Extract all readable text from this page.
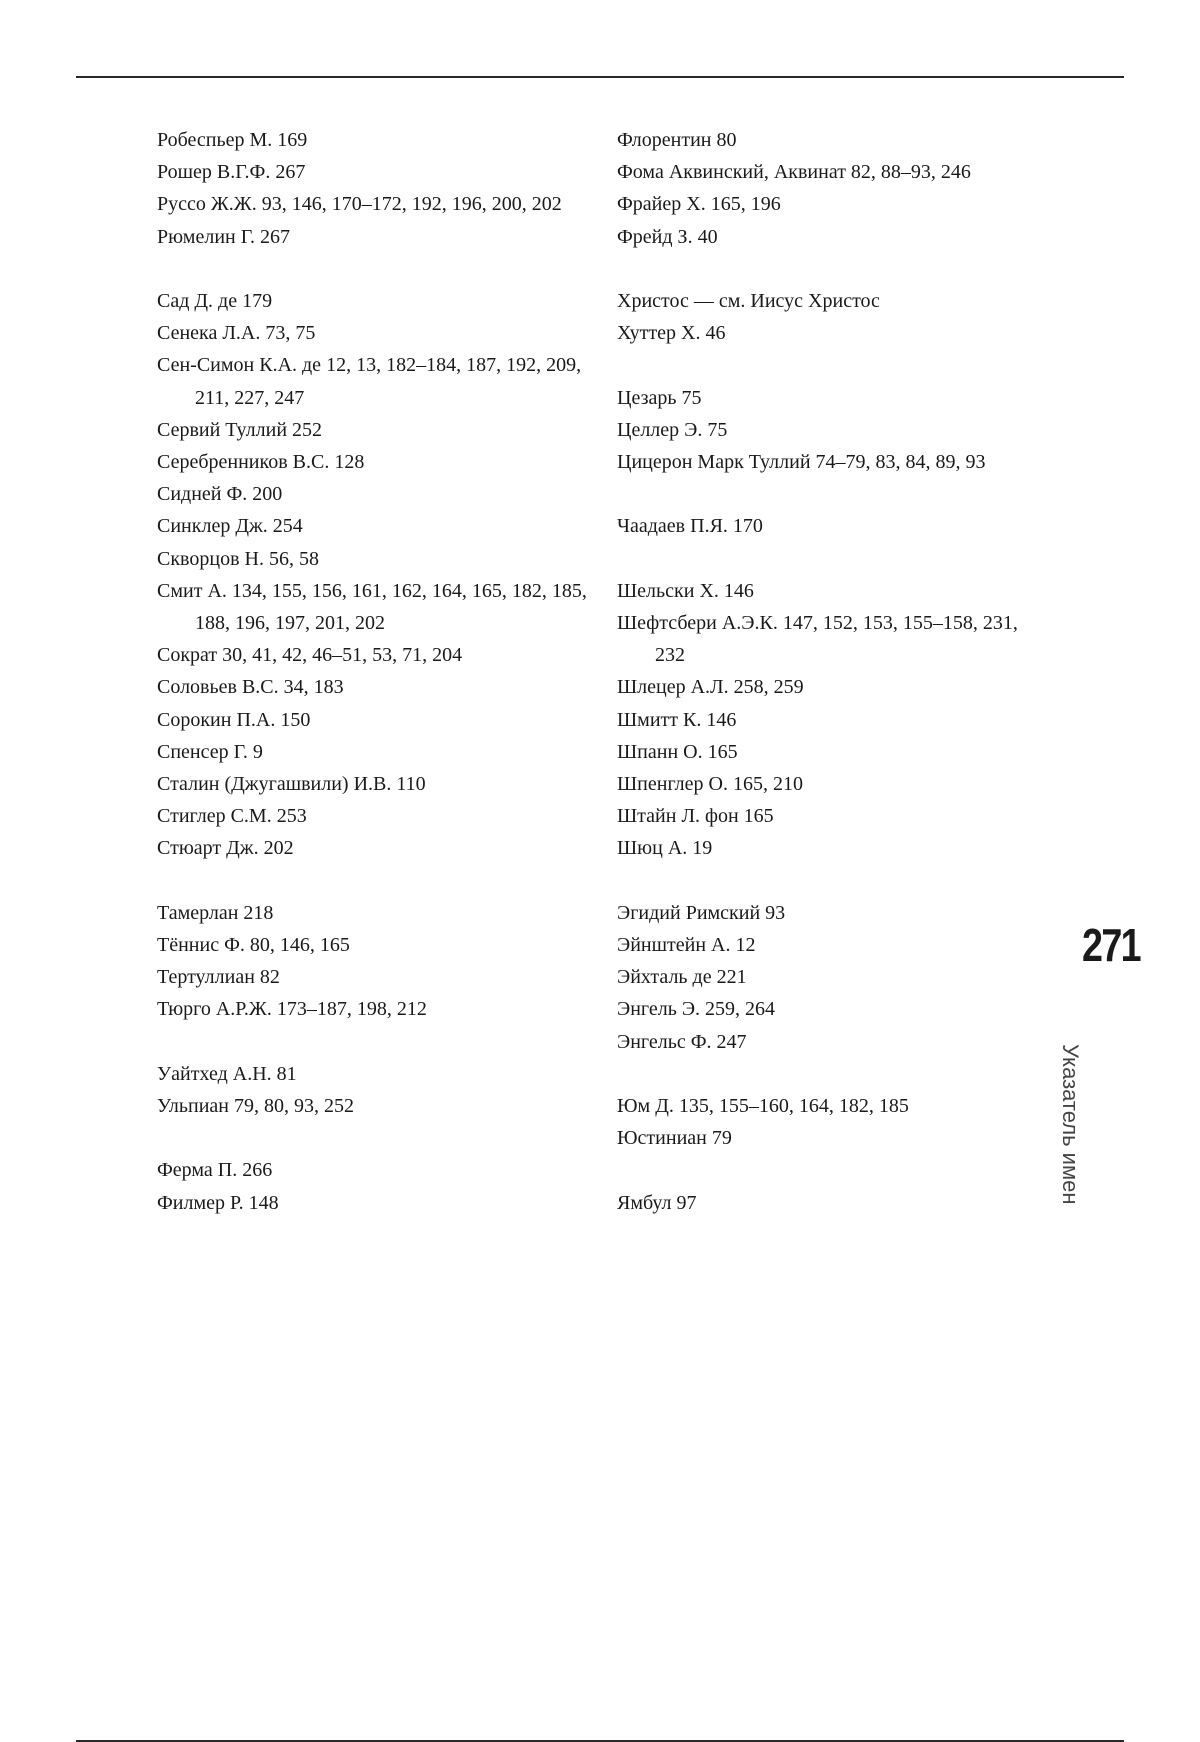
Робеспьер М. 169
Рошер В.Г.Ф. 267
Руссо Ж.Ж. 93, 146, 170–172, 192, 196, 200, 202
Рюмелин Г. 267
Сад Д. де 179
Сенека Л.А. 73, 75
Сен-Симон К.А. де 12, 13, 182–184, 187, 192, 209, 211, 227, 247
Сервий Туллий 252
Серебренников В.С. 128
Сидней Ф. 200
Синклер Дж. 254
Скворцов Н. 56, 58
Смит А. 134, 155, 156, 161, 162, 164, 165, 182, 185, 188, 196, 197, 201, 202
Сократ 30, 41, 42, 46–51, 53, 71, 204
Соловьев В.С. 34, 183
Сорокин П.А. 150
Спенсер Г. 9
Сталин (Джугашвили) И.В. 110
Стиглер С.М. 253
Стюарт Дж. 202
Тамерлан 218
Тённис Ф. 80, 146, 165
Тертуллиан 82
Тюрго А.Р.Ж. 173–187, 198, 212
Уайтхед А.Н. 81
Ульпиан 79, 80, 93, 252
Ферма П. 266
Филмер Р. 148
Флорентин 80
Фома Аквинский, Аквинат 82, 88–93, 246
Фрайер Х. 165, 196
Фрейд З. 40
Христос — см. Иисус Христос
Хуттер Х. 46
Цезарь 75
Целлер Э. 75
Цицерон Марк Туллий 74–79, 83, 84, 89, 93
Чаадаев П.Я. 170
Шельски Х. 146
Шефтсбери А.Э.К. 147, 152, 153, 155–158, 231, 232
Шлецер А.Л. 258, 259
Шмитт К. 146
Шпанн О. 165
Шпенглер О. 165, 210
Штайн Л. фон 165
Шюц А. 19
Эгидий Римский 93
Эйнштейн А. 12
Эйхталь де 221
Энгель Э. 259, 264
Энгельс Ф. 247
Юм Д. 135, 155–160, 164, 182, 185
Юстиниан 79
Ямбул 97
271
Указатель имен
